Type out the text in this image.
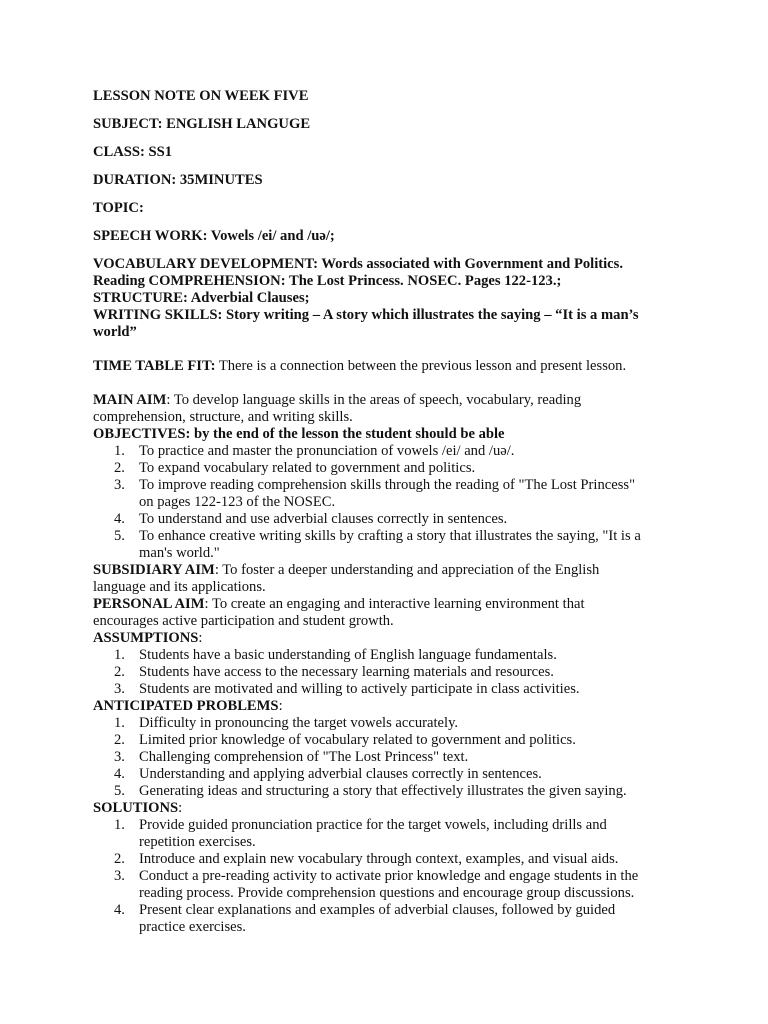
LESSON NOTE ON WEEK FIVE
SUBJECT: ENGLISH LANGUGE
CLASS: SS1
DURATION: 35MINUTES
TOPIC:
SPEECH WORK: Vowels /ei/ and /uə/;
VOCABULARY DEVELOPMENT: Words associated with Government and Politics.
Reading COMPREHENSION: The Lost Princess. NOSEC. Pages 122-123.;
STRUCTURE: Adverbial Clauses;
WRITING SKILLS: Story writing – A story which illustrates the saying – “It is a man’s
world”
TIME TABLE FIT: There is a connection between the previous lesson and present lesson.
MAIN AIM: To develop language skills in the areas of speech, vocabulary, reading
comprehension, structure, and writing skills.
OBJECTIVES: by the end of the lesson the student should be able
1. To practice and master the pronunciation of vowels /ei/ and /uə/.
2. To expand vocabulary related to government and politics.
3. To improve reading comprehension skills through the reading of "The Lost Princess"
on pages 122-123 of the NOSEC.
4. To understand and use adverbial clauses correctly in sentences.
5. To enhance creative writing skills by crafting a story that illustrates the saying, "It is a
man's world."
SUBSIDIARY AIM: To foster a deeper understanding and appreciation of the English
language and its applications.
PERSONAL AIM: To create an engaging and interactive learning environment that
encourages active participation and student growth.
ASSUMPTIONS:
1. Students have a basic understanding of English language fundamentals.
2. Students have access to the necessary learning materials and resources.
3. Students are motivated and willing to actively participate in class activities.
ANTICIPATED PROBLEMS:
1. Difficulty in pronouncing the target vowels accurately.
2. Limited prior knowledge of vocabulary related to government and politics.
3. Challenging comprehension of "The Lost Princess" text.
4. Understanding and applying adverbial clauses correctly in sentences.
5. Generating ideas and structuring a story that effectively illustrates the given saying.
SOLUTIONS:
1. Provide guided pronunciation practice for the target vowels, including drills and
repetition exercises.
2. Introduce and explain new vocabulary through context, examples, and visual aids.
3. Conduct a pre-reading activity to activate prior knowledge and engage students in the
reading process. Provide comprehension questions and encourage group discussions.
4. Present clear explanations and examples of adverbial clauses, followed by guided
practice exercises.
